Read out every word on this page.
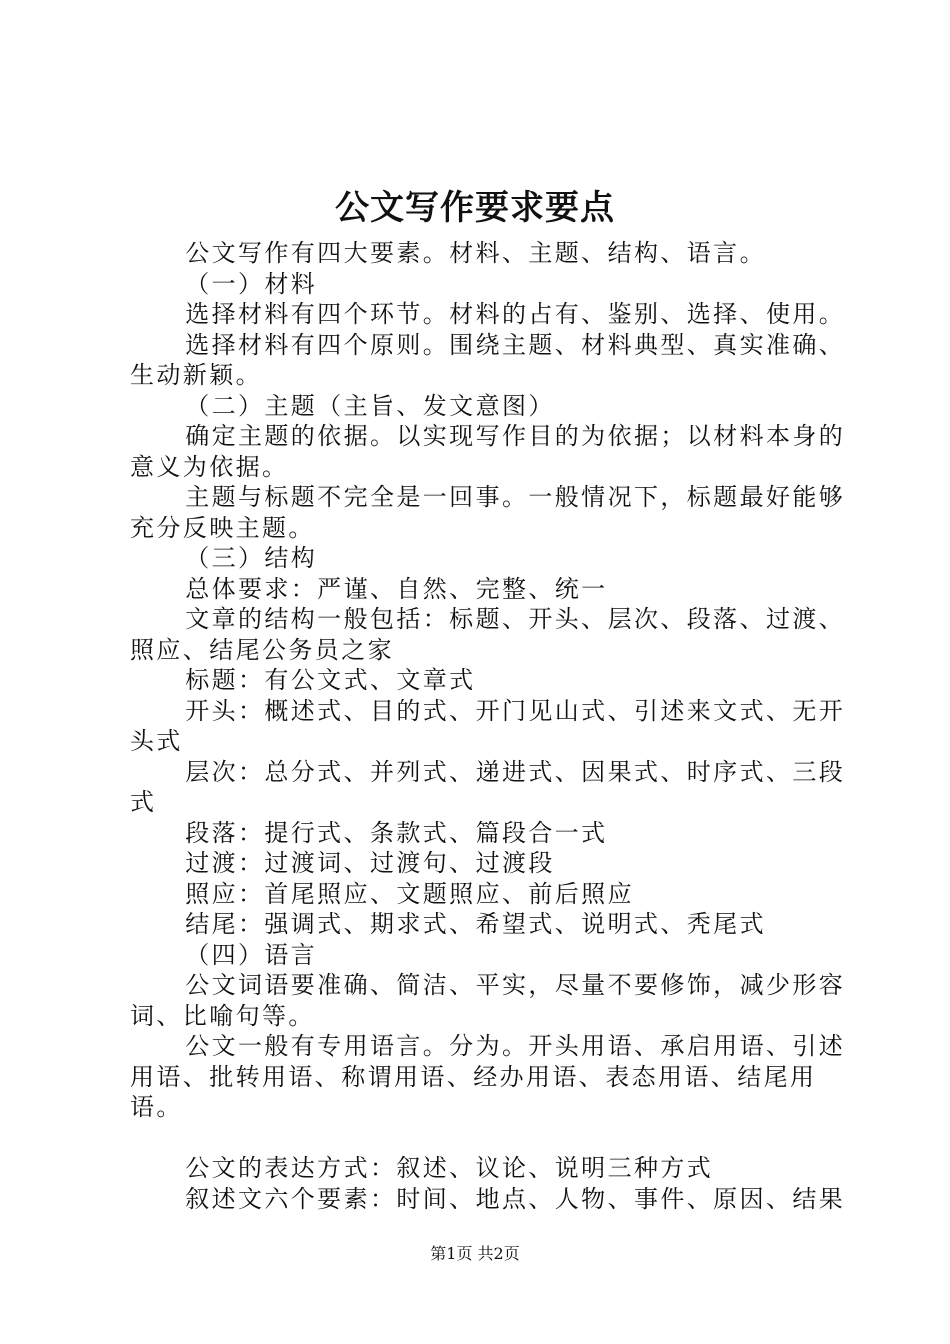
公文写作要求要点

公文写作有四大要素。材料、主题、结构、语言。

（一）材料

选择材料有四个环节。材料的占有、鉴别、选择、使用。

选择材料有四个原则。围绕主题、材料典型、真实准确、生动新颖。

（二）主题（主旨、发文意图）

确定主题的依据。以实现写作目的为依据；以材料本身的意义为依据。

主题与标题不完全是一回事。一般情况下，标题最好能够充分反映主题。

（三）结构

总体要求：严谨、自然、完整、统一

文章的结构一般包括：标题、开头、层次、段落、过渡、照应、结尾公务员之家

标题：有公文式、文章式

开头：概述式、目的式、开门见山式、引述来文式、无开头式

层次：总分式、并列式、递进式、因果式、时序式、三段式

段落：提行式、条款式、篇段合一式

过渡：过渡词、过渡句、过渡段

照应：首尾照应、文题照应、前后照应

结尾：强调式、期求式、希望式、说明式、秃尾式

（四）语言

公文词语要准确、简洁、平实，尽量不要修饰，减少形容词、比喻句等。

公文一般有专用语言。分为。开头用语、承启用语、引述用语、批转用语、称谓用语、经办用语、表态用语、结尾用语。

公文的表达方式：叙述、议论、说明三种方式

叙述文六个要素：时间、地点、人物、事件、原因、结果

第1页 共2页
